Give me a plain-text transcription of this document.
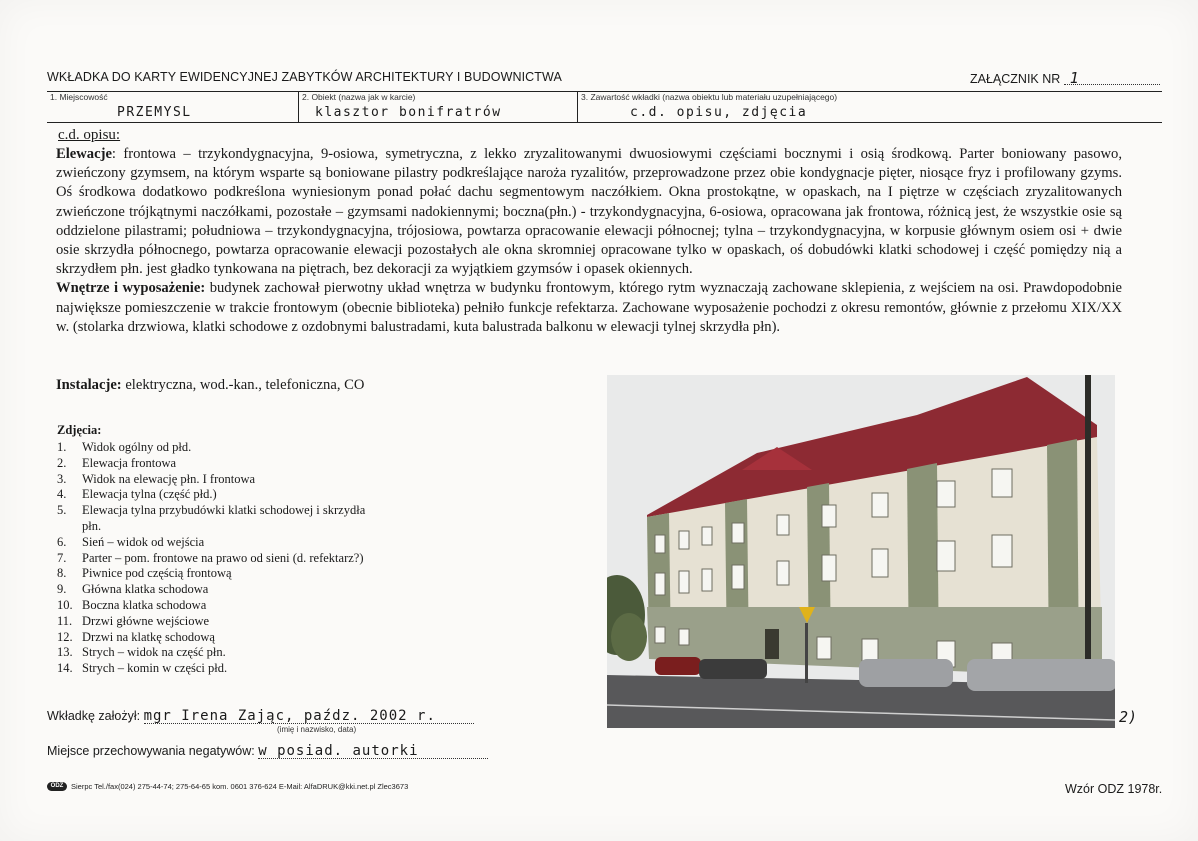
WKŁADKA DO KARTY EWIDENCYJNEJ ZABYTKÓW ARCHITEKTURY I BUDOWNICTWA	ZAŁĄCZNIK NR 1
1. Miejscowość
PRZEMYSL
2. Obiekt (nazwa jak w karcie)
klasztor bonifratrów
3. Zawartość wkładki (nazwa obiektu lub materiału uzupełniającego)
c.d. opisu, zdjęcia
c.d. opisu:

Elewacje: frontowa – trzykondygnacyjna, 9-osiowa, symetryczna, z lekko zryzalitowanymi dwuosiowymi częściami bocznymi i osią środkową. Parter boniowany pasowo, zwieńczony gzymsem, na którym wsparte są boniowane pilastry podkreślające naroża ryzalitów, przeprowadzone przez obie kondygnacje pięter, niosące fryz i profilowany gzyms. Oś środkowa dodatkowo podkreślona wyniesionym ponad połać dachu segmentowym naczółkiem. Okna prostokątne, w opaskach, na I piętrze w częściach zryzalitowanych zwieńczone trójkątnymi naczółkami, pozostałe – gzymsami nadokiennymi; boczna(płn.) - trzykondygnacyjna, 6-osiowa, opracowana jak frontowa, różnicą jest, że wszystkie osie są oddzielone pilastrami; południowa – trzykondygnacyjna, trójosiowa, powtarza opracowanie elewacji północnej; tylna – trzykondygnacyjna, w korpusie głównym osiem osi + dwie osie skrzydła północnego, powtarza opracowanie elewacji pozostałych ale okna skromniej opracowane tylko w opaskach, oś dobudówki klatki schodowej i część pomiędzy nią a skrzydłem płn. jest gładko tynkowana na piętrach, bez dekoracji za wyjątkiem gzymsów i opasek okiennych.

Wnętrze i wyposażenie: budynek zachował pierwotny układ wnętrza w budynku frontowym, którego rytm wyznaczają zachowane sklepienia, z wejściem na osi. Prawdopodobnie największe pomieszczenie w trakcie frontowym (obecnie biblioteka) pełniło funkcje refektarza. Zachowane wyposażenie pochodzi z okresu remontów, głównie z przełomu XIX/XX w. (stolarka drzwiowa, klatki schodowe z ozdobnymi balustradami, kuta balustrada balkonu w elewacji tylnej skrzydła płn).

Instalacje: elektryczna, wod.-kan., telefoniczna, CO
Zdjęcia:
1.	Widok ogólny od płd.
2.	Elewacja frontowa
3.	Widok na elewację płn. I frontowa
4.	Elewacja tylna (część płd.)
5.	Elewacja tylna przybudówki klatki schodowej i skrzydła płn.
6.	Sień – widok od wejścia
7.	Parter – pom. frontowe na prawo od sieni (d. refektarz?)
8.	Piwnice pod częścią frontową
9.	Główna klatka schodowa
10. Boczna klatka schodowa
11. Drzwi główne wejściowe
12. Drzwi na klatkę schodową
13. Strych – widok na część płn.
14. Strych – komin w części płd.
2)
Wkładkę założył: mgr Irena Zając, paźdz. 2002 r.
(imię i nazwisko, data)
Miejsce przechowywania negatywów: w posiad. autorki
ODZ	Sierpc Tel./fax(024) 275-44-74; 275-64-65 kom. 0601 376-624 E-Mail: AlfaDRUK@kki.net.pl Zlec3673	Wzór ODZ 1978r.
